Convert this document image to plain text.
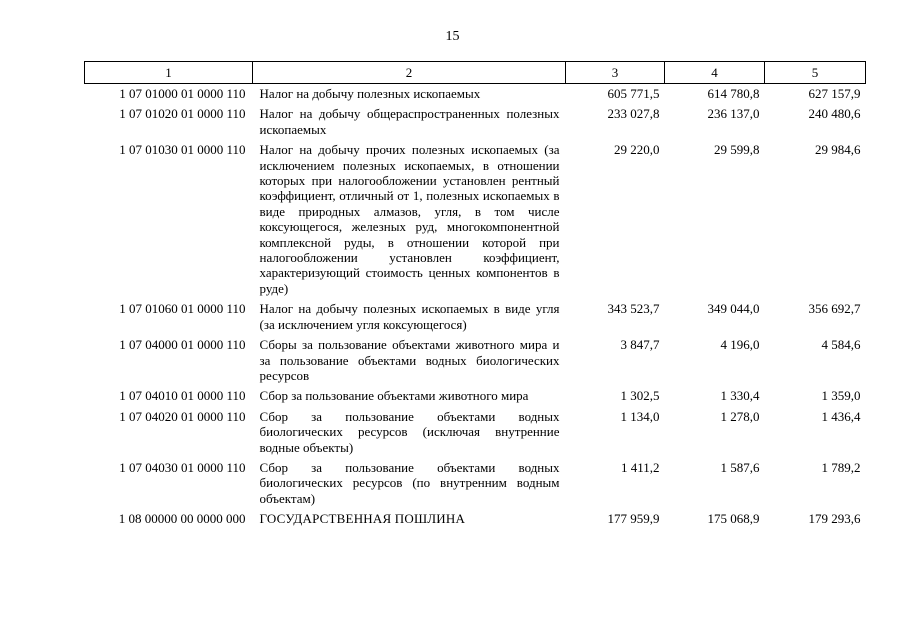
15
1	2	3	4	5
1 07 01000 01 0000 110	Налог на добычу полезных ископаемых	605 771,5	614 780,8	627 157,9
1 07 01020 01 0000 110	Налог на добычу общераспространенных полезных ископаемых	233 027,8	236 137,0	240 480,6
1 07 01030 01 0000 110	Налог на добычу прочих полезных ископаемых (за исключением полезных ископаемых, в отношении которых при налогообложении установлен рентный коэффициент, отличный от 1, полезных ископаемых в виде природных алмазов, угля, в том числе коксующегося, железных руд, многокомпонентной комплексной руды, в отношении которой при налогообложении установлен коэффициент, характеризующий стоимость ценных компонентов в руде)	29 220,0	29 599,8	29 984,6
1 07 01060 01 0000 110	Налог на добычу полезных ископаемых в виде угля (за исключением угля коксующегося)	343 523,7	349 044,0	356 692,7
1 07 04000 01 0000 110	Сборы за пользование объектами животного мира и за пользование объектами водных биологических ресурсов	3 847,7	4 196,0	4 584,6
1 07 04010 01 0000 110	Сбор за пользование объектами животного мира	1 302,5	1 330,4	1 359,0
1 07 04020 01 0000 110	Сбор за пользование объектами водных биологических ресурсов (исключая внутренние водные объекты)	1 134,0	1 278,0	1 436,4
1 07 04030 01 0000 110	Сбор за пользование объектами водных биологических ресурсов (по внутренним водным объектам)	1 411,2	1 587,6	1 789,2
1 08 00000 00 0000 000	ГОСУДАРСТВЕННАЯ ПОШЛИНА	177 959,9	175 068,9	179 293,6
